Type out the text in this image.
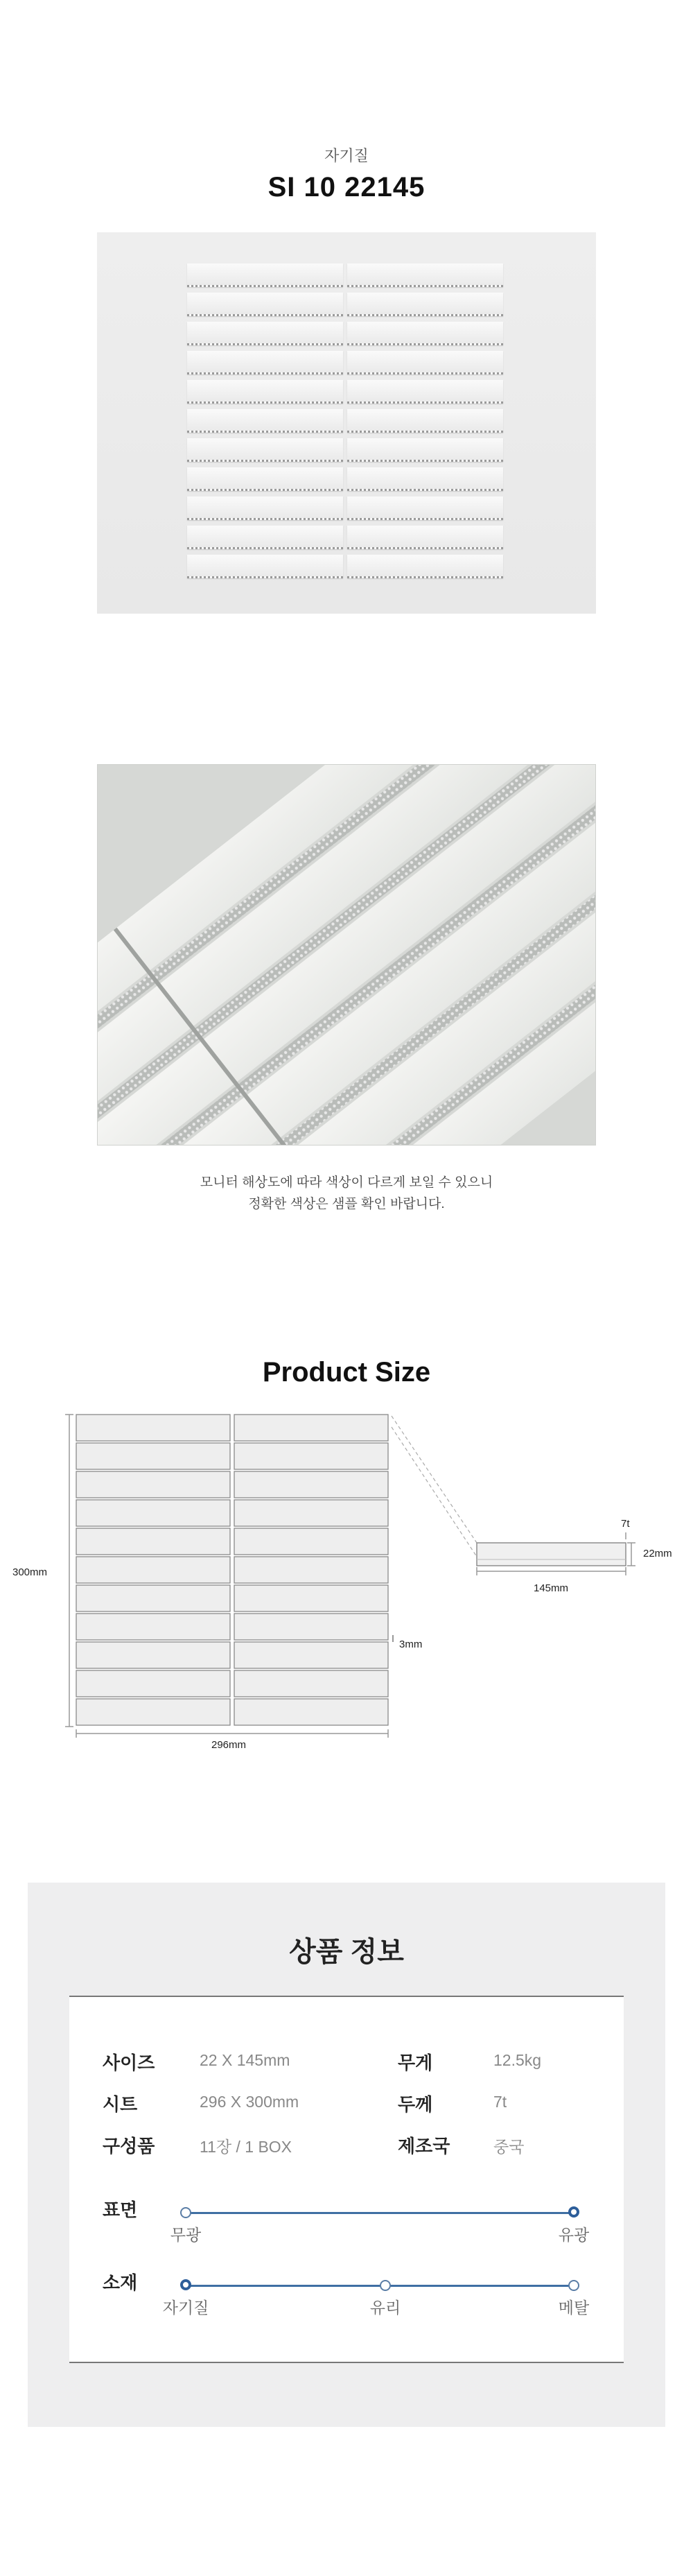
자기질
SI 10 22145
모니터 해상도에 따라 색상이 다르게 보일 수 있으니
정확한 색상은 샘플 확인 바랍니다.
Product Size
300mm
296mm
3mm
7t
22mm
145mm
상품 정보
사이즈	22 X 145mm	무게	12.5kg
시트	296 X 300mm	두께	7t
구성품	11장 / 1 BOX	제조국	중국
표면
무광	유광
소재
자기질	유리	메탈
